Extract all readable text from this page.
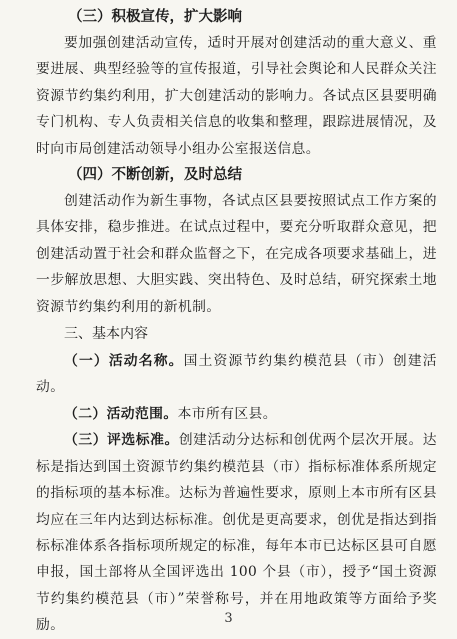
（三）积极宣传，扩大影响

要加强创建活动宣传，适时开展对创建活动的重大意义、重要进展、典型经验等的宣传报道，引导社会舆论和人民群众关注资源节约集约利用，扩大创建活动的影响力。各试点区县要明确专门机构、专人负责相关信息的收集和整理，跟踪进展情况，及时向市局创建活动领导小组办公室报送信息。

（四）不断创新，及时总结

创建活动作为新生事物，各试点区县要按照试点工作方案的具体安排，稳步推进。在试点过程中，要充分听取群众意见，把创建活动置于社会和群众监督之下，在完成各项要求基础上，进一步解放思想、大胆实践、突出特色、及时总结，研究探索土地资源节约集约利用的新机制。

三、基本内容

（一）活动名称。国土资源节约集约模范县（市）创建活动。

（二）活动范围。本市所有区县。

（三）评选标准。创建活动分达标和创优两个层次开展。达标是指达到国土资源节约集约模范县（市）指标标准体系所规定的指标项的基本标准。达标为普遍性要求，原则上本市所有区县均应在三年内达到达标标准。创优是更高要求，创优是指达到指标标准体系各指标项所规定的标准，每年本市已达标区县可自愿申报，国土部将从全国评选出 100 个县（市），授予“国土资源节约集约模范县（市）”荣誉称号，并在用地政策等方面给予奖励。	3
